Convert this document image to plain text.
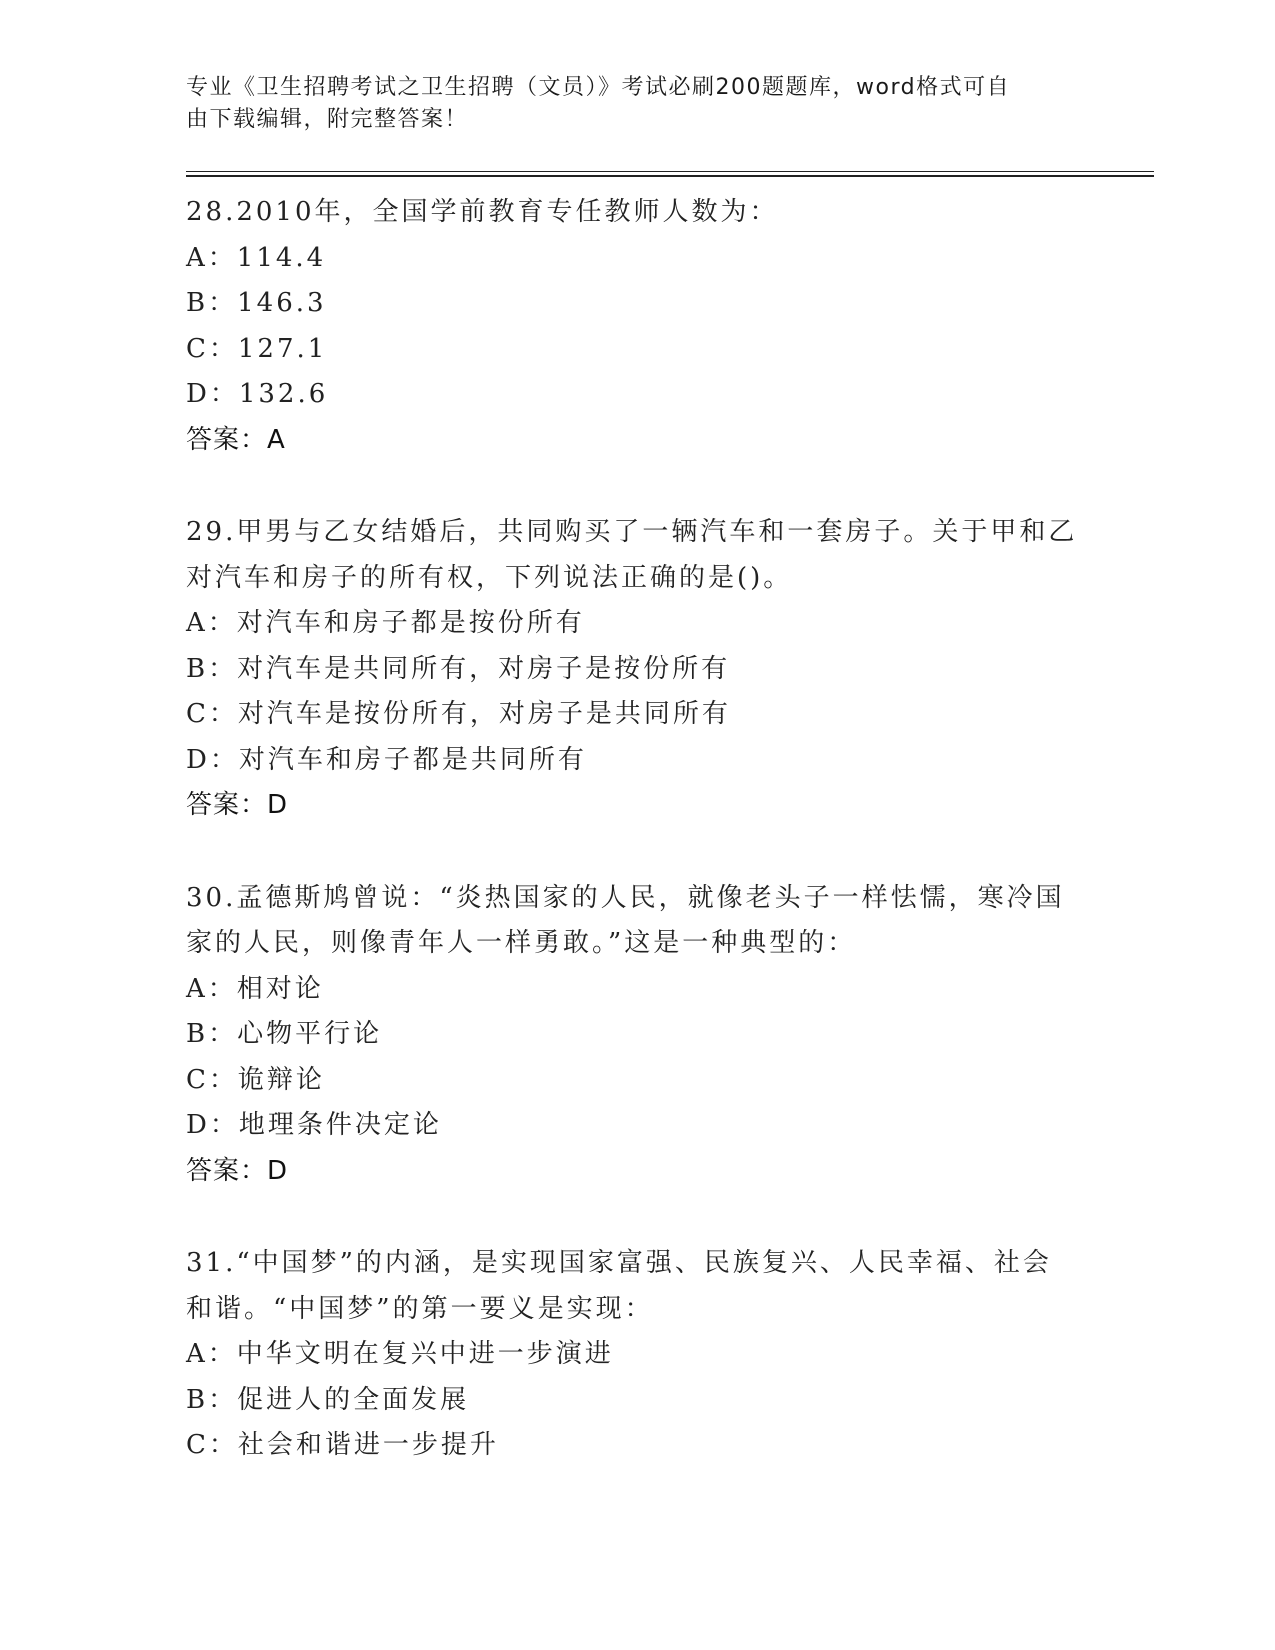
专业《卫生招聘考试之卫生招聘（文员）》考试必刷200题题库，word格式可自
由下载编辑，附完整答案！
28.2010年，全国学前教育专任教师人数为：
A：114.4
B：146.3
C：127.1
D：132.6
答案：A
29.甲男与乙女结婚后，共同购买了一辆汽车和一套房子。关于甲和乙
对汽车和房子的所有权，下列说法正确的是()。
A：对汽车和房子都是按份所有
B：对汽车是共同所有，对房子是按份所有
C：对汽车是按份所有，对房子是共同所有
D：对汽车和房子都是共同所有
答案：D
30.孟德斯鸠曾说：“炎热国家的人民，就像老头子一样怯懦，寒冷国
家的人民，则像青年人一样勇敢。”这是一种典型的：
A：相对论
B：心物平行论
C：诡辩论
D：地理条件决定论
答案：D
31.“中国梦”的内涵，是实现国家富强、民族复兴、人民幸福、社会
和谐。“中国梦”的第一要义是实现：
A：中华文明在复兴中进一步演进
B：促进人的全面发展
C：社会和谐进一步提升
